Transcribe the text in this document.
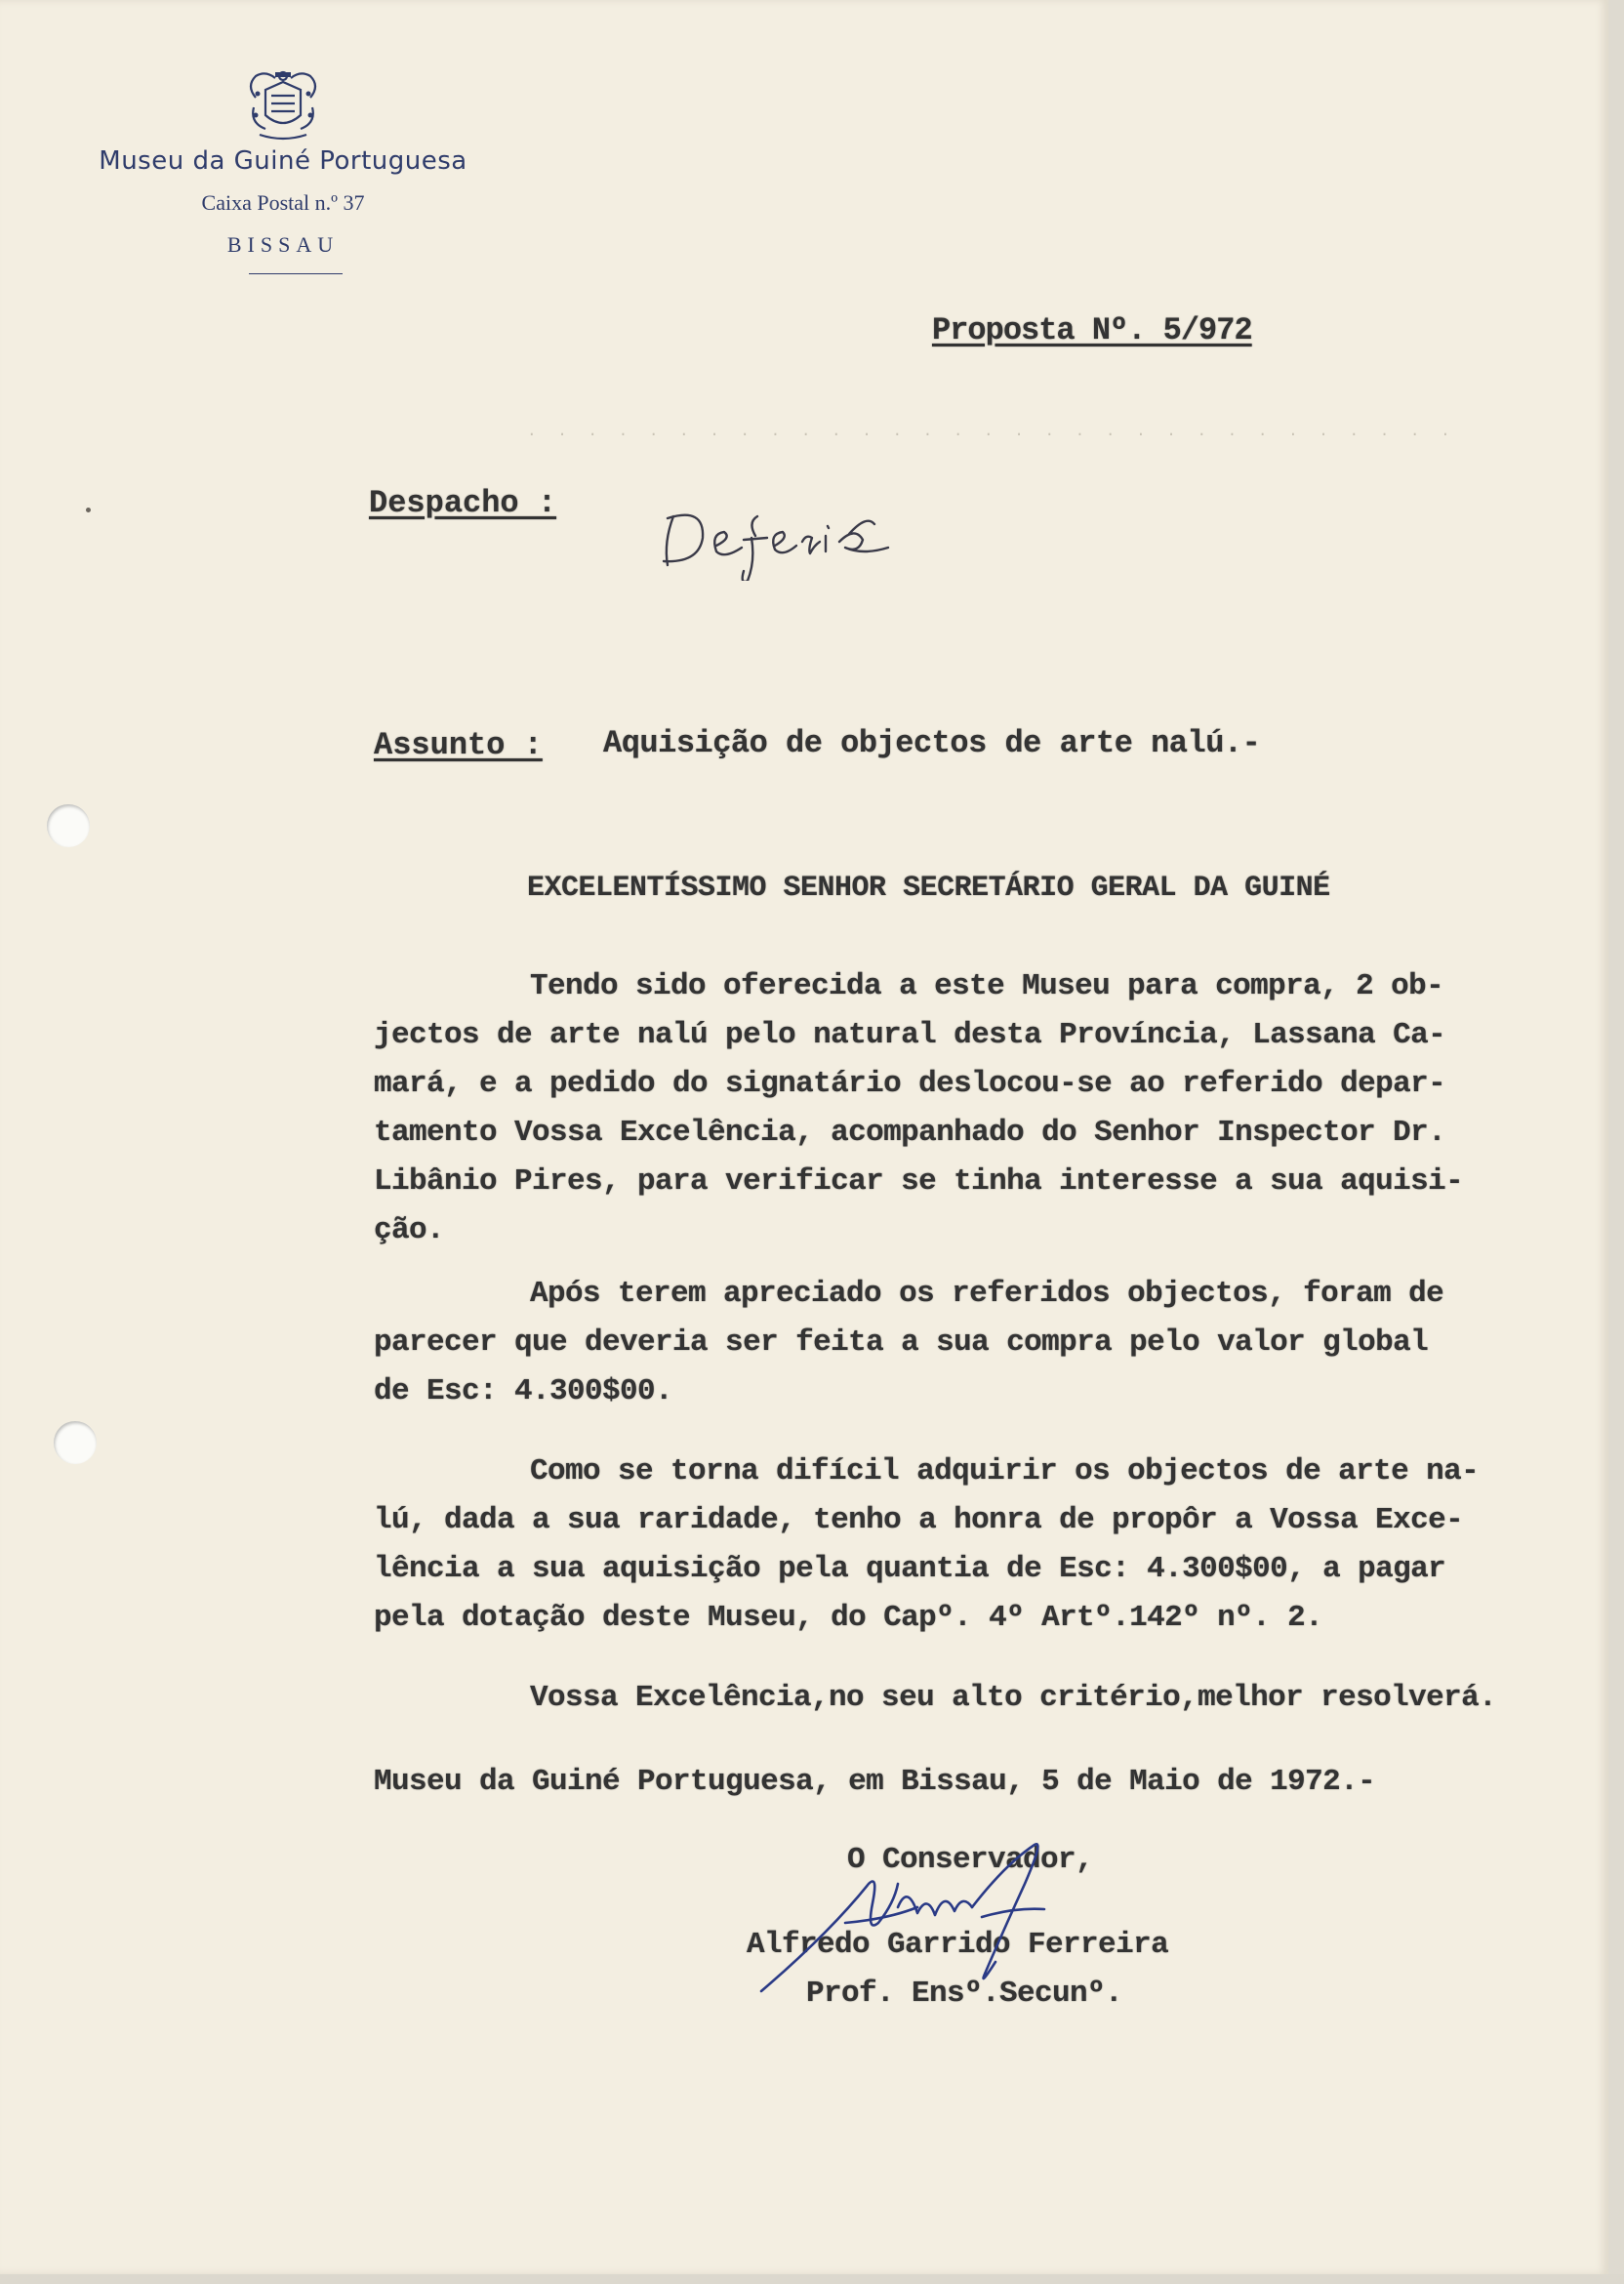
Museu da Guiné Portuguesa
Caixa Postal n.º 37
BISSAU
Proposta Nº. 5/972
· · · · · · · · · · · · · · · · · · · · · · · · · · · · · · ·
Despacho :
Assunto : Aquisição de objectos de arte nalú.-
EXCELENTÍSSIMO SENHOR SECRETÁRIO GERAL DA GUINÉ
Tendo sido oferecida a este Museu para compra, 2 ob-
jectos de arte nalú pelo natural desta Província, Lassana Ca-
mará, e a pedido do signatário deslocou-se ao referido depar-
tamento Vossa Excelência, acompanhado do Senhor Inspector Dr.
Libânio Pires, para verificar se tinha interesse a sua aquisi-
ção.
Após terem apreciado os referidos objectos, foram de
parecer que deveria ser feita a sua compra pelo valor global
de Esc: 4.300$00.
Como se torna difícil adquirir os objectos de arte na-
lú, dada a sua raridade, tenho a honra de propôr a Vossa Exce-
lência a sua aquisição pela quantia de Esc: 4.300$00, a pagar
pela dotação deste Museu, do Capº. 4º Artº.142º nº. 2.
Vossa Excelência,no seu alto critério,melhor resolverá.
Museu da Guiné Portuguesa, em Bissau, 5 de Maio de 1972.-
O Conservador,
Alfredo Garrido Ferreira
Prof. Ensº.Secunº.
